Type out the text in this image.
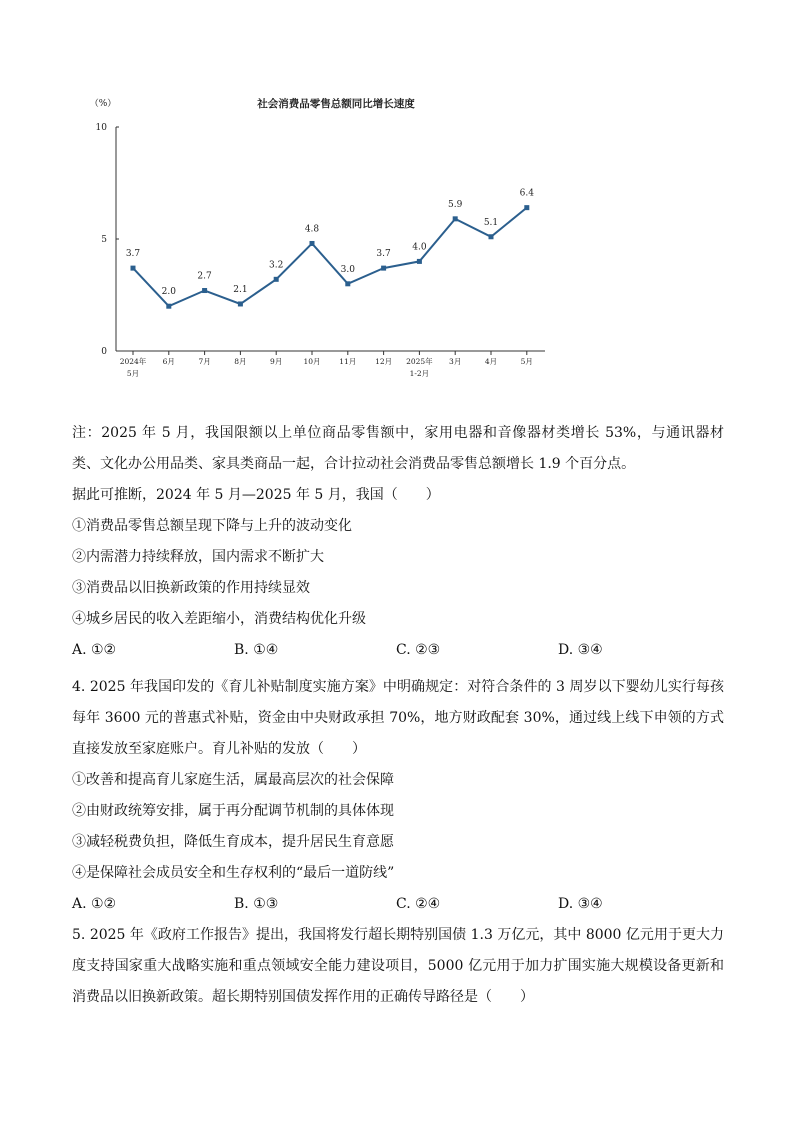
社会消费品零售总额同比增长速度
（%）
0
5
10
2024年
5月
6月	7月	8月	9月	10月	11月	12月 2025年
1-2月
3月	4月	5月
3.7
2.0
2.7
2.1
3.2
4.8
3.0
3.7
4.0
5.9
5.1
6.4

注：2025 年 5 月，我国限额以上单位商品零售额中，家用电器和音像器材类增长 53%，与通讯器材类、文化办公用品类、家具类商品一起，合计拉动社会消费品零售总额增长 1.9 个百分点。

据此可推断，2024 年 5 月—2025 年 5 月，我国（　　）

①消费品零售总额呈现下降与上升的波动变化

②内需潜力持续释放，国内需求不断扩大

③消费品以旧换新政策的作用持续显效

④城乡居民的收入差距缩小，消费结构优化升级

A. ①②	B. ①④	C. ②③	D. ③④

4. 2025 年我国印发的《育儿补贴制度实施方案》中明确规定：对符合条件的 3 周岁以下婴幼儿实行每孩每年 3600 元的普惠式补贴，资金由中央财政承担 70%，地方财政配套 30%，通过线上线下申领的方式直接发放至家庭账户。育儿补贴的发放（　　）

①改善和提高育儿家庭生活，属最高层次的社会保障

②由财政统筹安排，属于再分配调节机制的具体体现

③减轻税费负担，降低生育成本，提升居民生育意愿

④是保障社会成员安全和生存权利的“最后一道防线”

A. ①②	B. ①③	C. ②④	D. ③④

5. 2025 年《政府工作报告》提出，我国将发行超长期特别国债 1.3 万亿元，其中 8000 亿元用于更大力度支持国家重大战略实施和重点领域安全能力建设项目，5000 亿元用于加力扩围实施大规模设备更新和消费品以旧换新政策。超长期特别国债发挥作用的正确传导路径是（　　）
